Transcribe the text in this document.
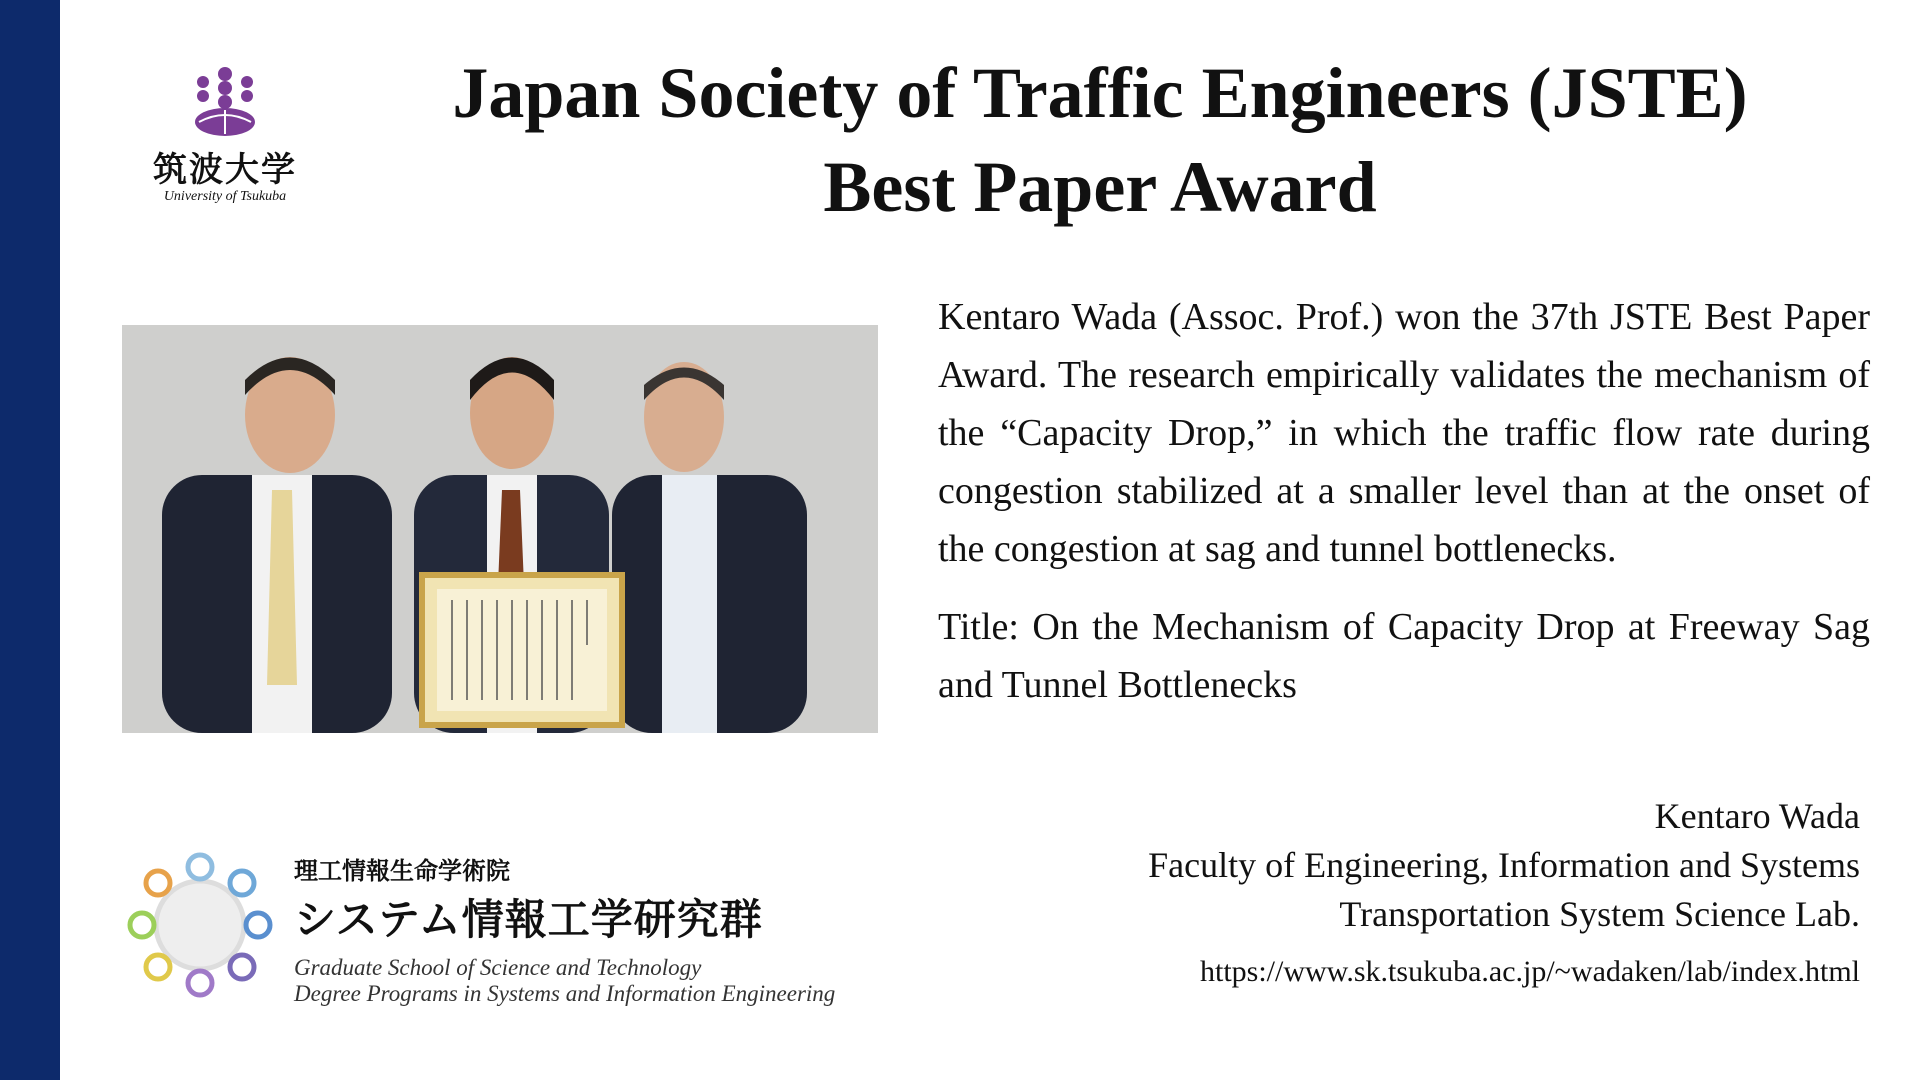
筑波大学
University of Tsukuba
Japan Society of Traffic Engineers (JSTE)
Best Paper Award

Kentaro Wada (Assoc. Prof.) won the 37th JSTE Best Paper Award. The research empirically validates the mechanism of the “Capacity Drop,” in which the traffic flow rate during congestion stabilized at a smaller level than at the onset of the congestion at sag and tunnel bottlenecks.

Title: On the Mechanism of Capacity Drop at Freeway Sag and Tunnel Bottlenecks

Kentaro Wada
Faculty of Engineering, Information and Systems
Transportation System Science Lab.
https://www.sk.tsukuba.ac.jp/~wadaken/lab/index.html
理工情報生命学術院
システム情報工学研究群
Graduate School of Science and Technology
Degree Programs in Systems and Information Engineering
